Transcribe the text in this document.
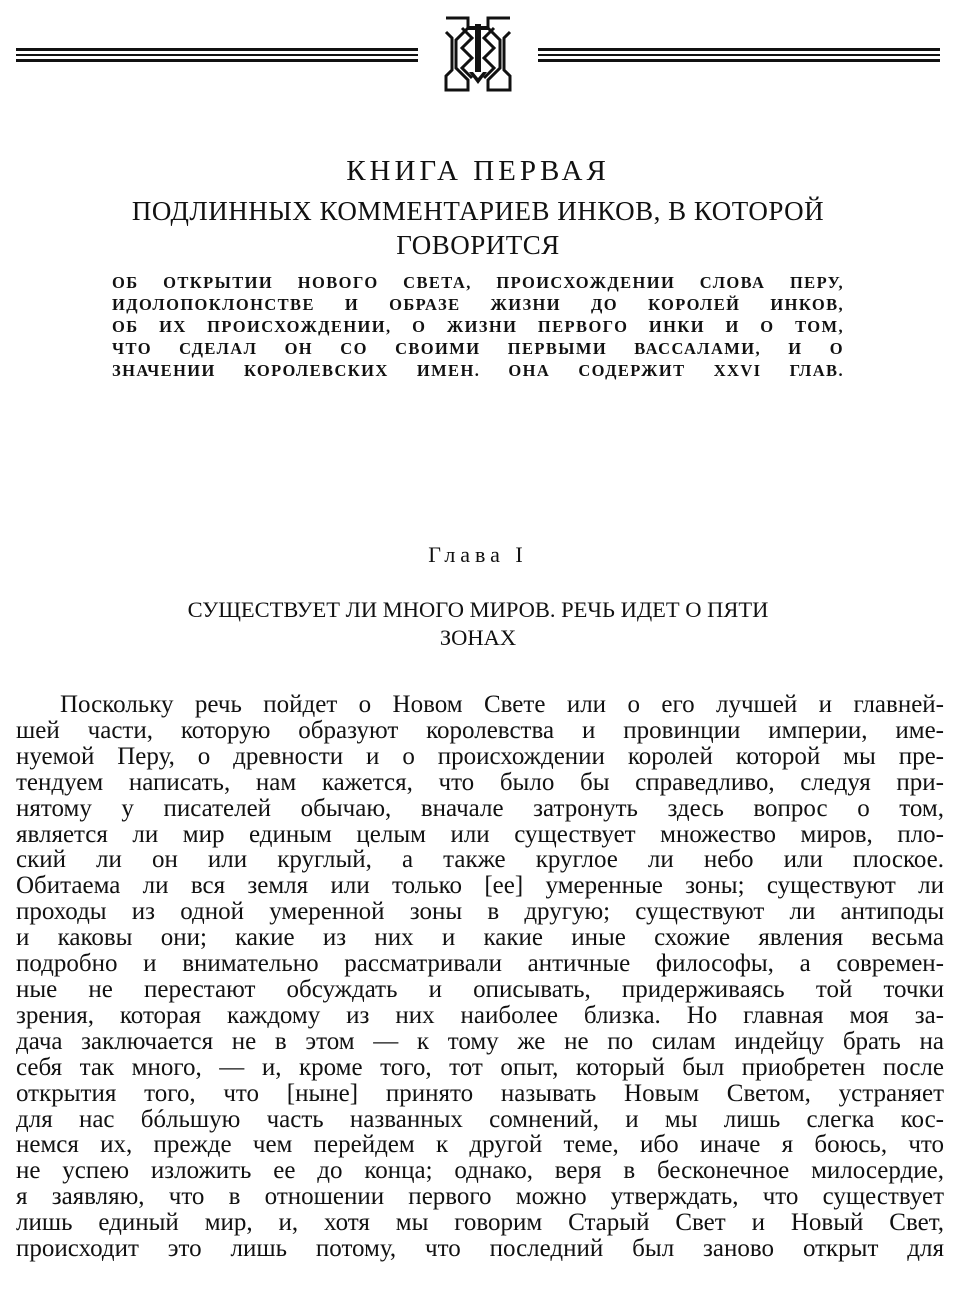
КНИГА ПЕРВАЯ
ПОДЛИННЫХ КОММЕНТАРИЕВ ИНКОВ, В КОТОРОЙ
ГОВОРИТСЯ
ОБ ОТКРЫТИИ НОВОГО СВЕТА, ПРОИСХОЖДЕНИИ СЛОВА ПЕРУ,
ИДОЛОПОКЛОНСТВЕ И ОБРАЗЕ ЖИЗНИ ДО КОРОЛЕЙ ИНКОВ,
ОБ ИХ ПРОИСХОЖДЕНИИ, О ЖИЗНИ ПЕРВОГО ИНКИ И О ТОМ,
ЧТО СДЕЛАЛ ОН СО СВОИМИ ПЕРВЫМИ ВАССАЛАМИ, И О
ЗНАЧЕНИИ КОРОЛЕВСКИХ ИМЕН. ОНА СОДЕРЖИТ XXVI ГЛАВ.
Глава I
СУЩЕСТВУЕТ ЛИ МНОГО МИРОВ. РЕЧЬ ИДЕТ О ПЯТИ
ЗОНАХ
Поскольку речь пойдет о Новом Свете или о его лучшей и главней-
шей части, которую образуют королевства и провинции империи, име-
нуемой Перу, о древности и о происхождении королей которой мы пре-
тендуем написать, нам кажется, что было бы справедливо, следуя при-
нятому у писателей обычаю, вначале затронуть здесь вопрос о том,
является ли мир единым целым или существует множество миров, пло-
ский ли он или круглый, а также круглое ли небо или плоское.
Обитаема ли вся земля или только [ее] умеренные зоны; существуют ли
проходы из одной умеренной зоны в другую; существуют ли антиподы
и каковы они; какие из них и какие иные схожие явления весьма
подробно и внимательно рассматривали античные философы, а современ-
ные не перестают обсуждать и описывать, придерживаясь той точки
зрения, которая каждому из них наиболее близка. Но главная моя за-
дача заключается не в этом — к тому же не по силам индейцу брать на
себя так много, — и, кроме того, тот опыт, который был приобретен после
открытия того, что [ныне] принято называть Новым Светом, устраняет
для нас бóльшую часть названных сомнений, и мы лишь слегка кос-
немся их, прежде чем перейдем к другой теме, ибо иначе я боюсь, что
не успею изложить ее до конца; однако, веря в бесконечное милосердие,
я заявляю, что в отношении первого можно утверждать, что существует
лишь единый мир, и, хотя мы говорим Старый Свет и Новый Свет,
происходит это лишь потому, что последний был заново открыт для
